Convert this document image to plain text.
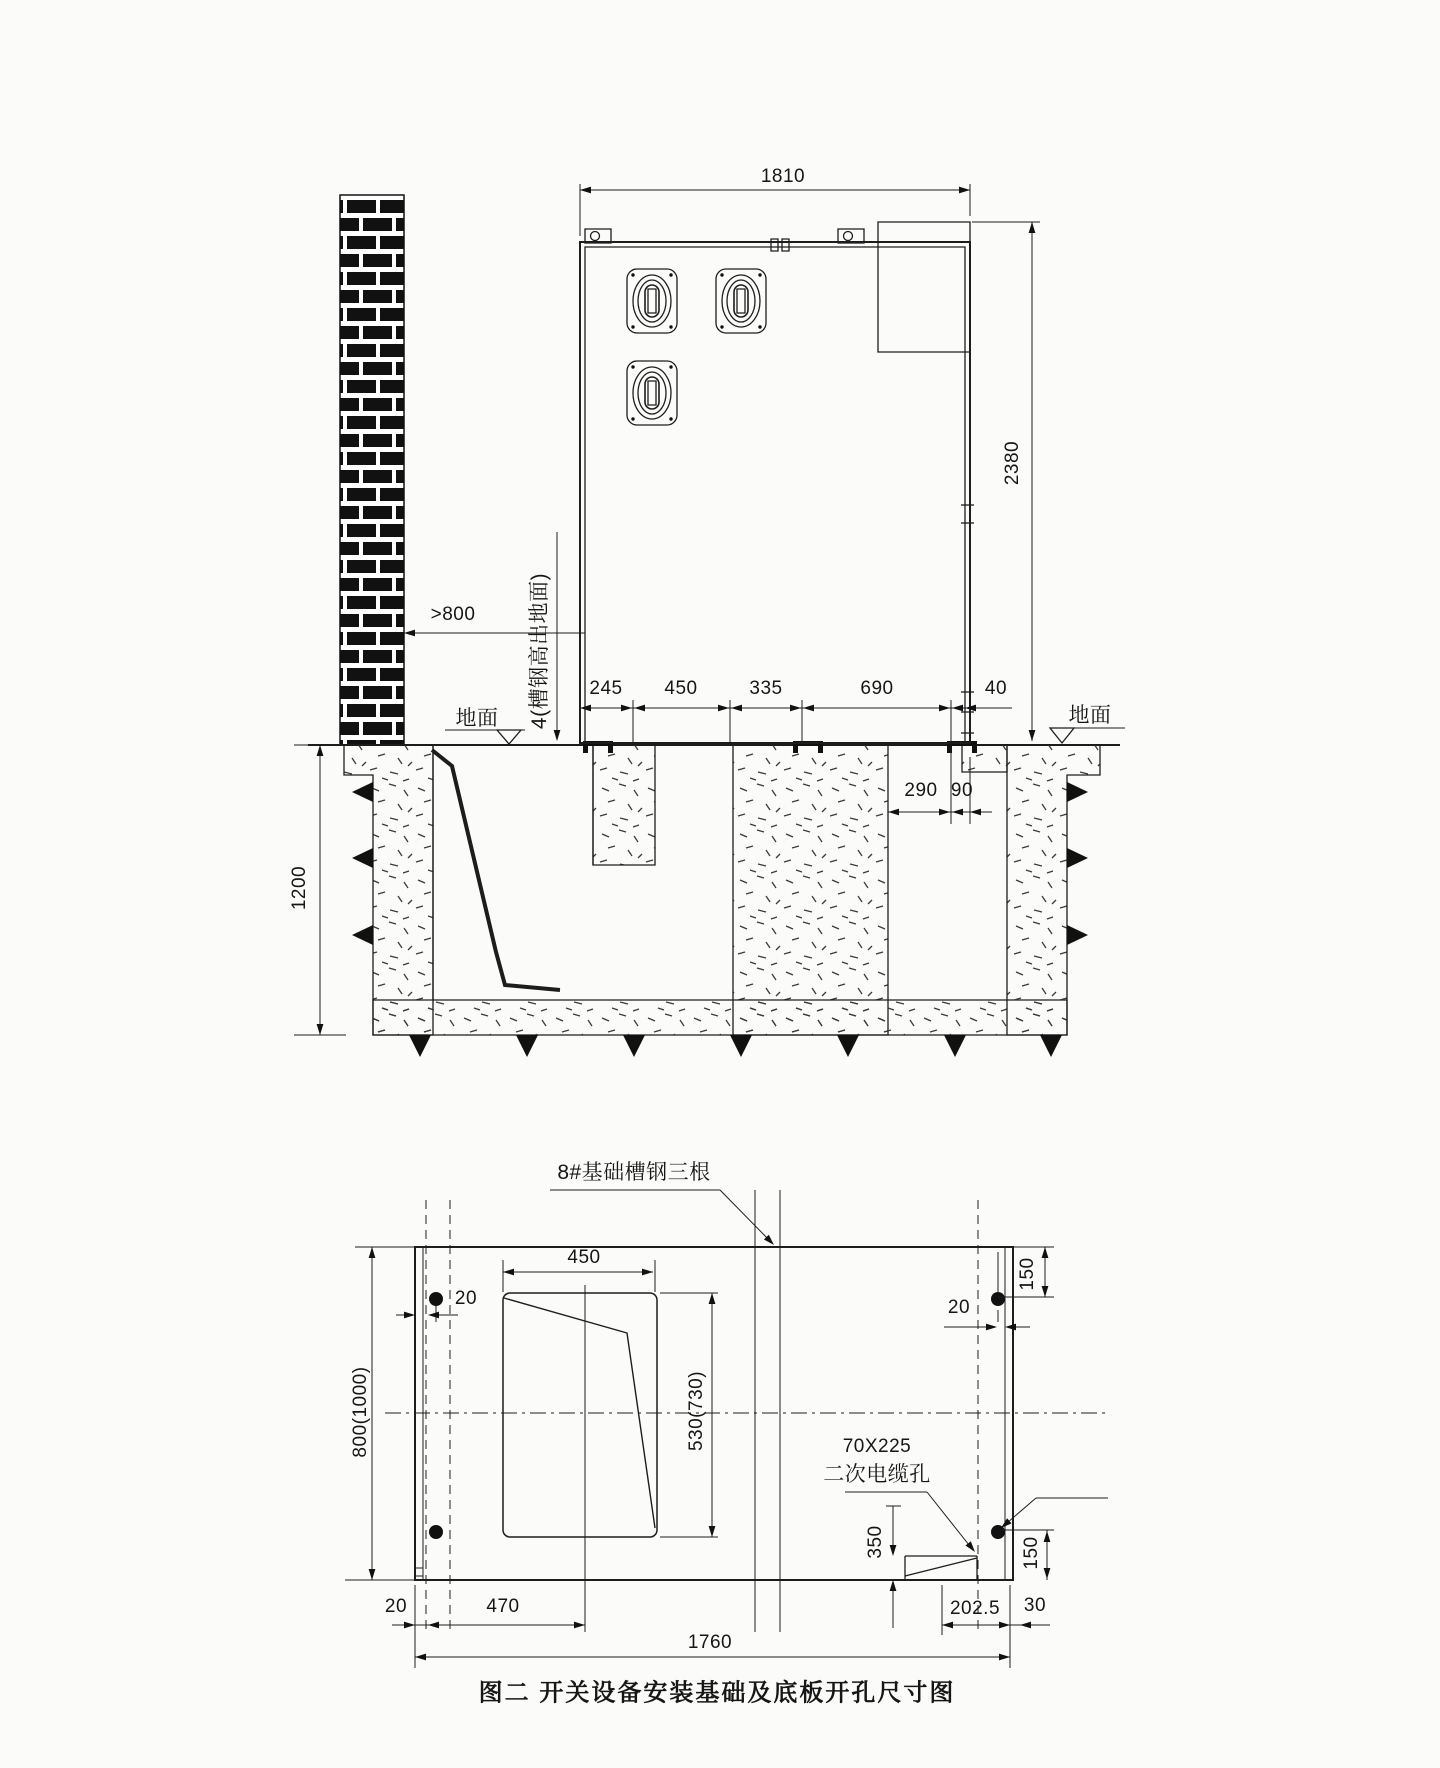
1810
2380
>800	4(槽钢高出地面)
地面	地面
245 450	335	690	40
290 90
1200
8#基础槽钢三根
450
20	20
150
800(1000)	530(730)	70X225
二次电缆孔
350	150
20	470	202.5 30
1760
图二 开关设备安装基础及底板开孔尺寸图
